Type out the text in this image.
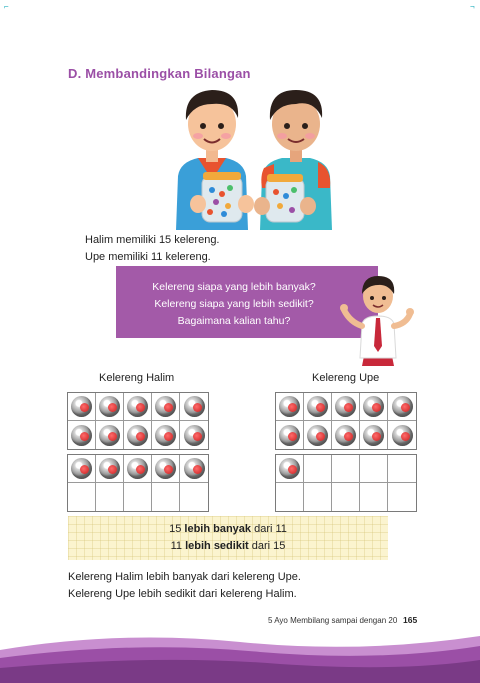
⌐	¬
D. Membandingkan Bilangan
Halim memiliki 15 kelereng.
Upe memiliki 11 kelereng.
Kelereng siapa yang lebih banyak?
Kelereng siapa yang lebih sedikit?
Bagaimana kalian tahu?
Kelereng Halim	Kelereng Upe
15 lebih banyak dari 11
11 lebih sedikit dari 15
Kelereng Halim lebih banyak dari kelereng Upe.
Kelereng Upe lebih sedikit dari kelereng Halim.
5 Ayo Membilang sampai dengan 20 165
